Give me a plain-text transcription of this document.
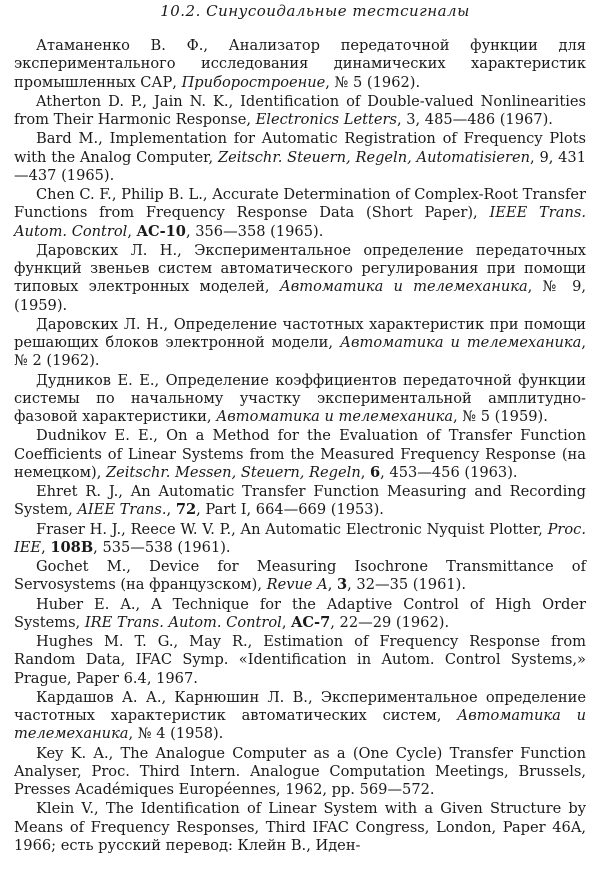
10.2. Синусоидальные тестсигналы

Атаманенко В. Ф., Анализатор передаточной функции для экспериментального исследования динамических характеристик промышленных САР, Приборостроение, № 5 (1962).

Atherton D. P., Jain N. K., Identification of Double-valued Nonlinearities from Their Harmonic Response, Electronics Letters, 3, 485—486 (1967).

Bard M., Implementation for Automatic Registration of Frequency Plots with the Analog Computer, Zeitschr. Steuern, Regeln, Automatisieren, 9, 431—437 (1965).

Chen C. F., Philip B. L., Accurate Determination of Complex-Root Transfer Functions from Frequency Response Data (Short Paper), IEEE Trans. Autom. Control, AC-10, 356—358 (1965).

Даровских Л. Н., Экспериментальное определение передаточных функций звеньев систем автоматического регулирования при помощи типовых электронных моделей, Автоматика и телемеханика, № 9, (1959).

Даровских Л. Н., Определение частотных характеристик при помощи решающих блоков электронной модели, Автоматика и телемеханика, № 2 (1962).

Дудников Е. Е., Определение коэффициентов передаточной функции системы по начальному участку экспериментальной амплитудно-фазовой характеристики, Автоматика и телемеханика, № 5 (1959).

Dudnikov E. E., On a Method for the Evaluation of Transfer Function Coefficients of Linear Systems from the Measured Frequency Response (на немецком), Zeitschr. Messen, Steuern, Regeln, 6, 453—456 (1963).

Ehret R. J., An Automatic Transfer Function Measuring and Recording System, AIEE Trans., 72, Part I, 664—669 (1953).

Fraser H. J., Reece W. V. P., An Automatic Electronic Nyquist Plotter, Proc. IEE, 108B, 535—538 (1961).

Gochet M., Device for Measuring Isochrone Transmittance of Servosystems (на французском), Revue A, 3, 32—35 (1961).

Huber E. A., A Technique for the Adaptive Control of High Order Systems, IRE Trans. Autom. Control, AC-7, 22—29 (1962).

Hughes M. T. G., May R., Estimation of Frequency Response from Random Data, IFAC Symp. «Identification in Autom. Control Systems,» Prague, Paper 6.4, 1967.

Кардашов А. А., Карнюшин Л. В., Экспериментальное определение частотных характеристик автоматических систем, Автоматика и телемеханика, № 4 (1958).

Key K. A., The Analogue Computer as a (One Cycle) Transfer Function Analyser, Proc. Third Intern. Analogue Computation Meetings, Brussels, Presses Académiques Européennes, 1962, pp. 569—572.

Klein V., The Identification of Linear System with a Given Structure by Means of Frequency Responses, Third IFAC Congress, London, Paper 46A, 1966; есть русский перевод: Клейн В., Иден-
